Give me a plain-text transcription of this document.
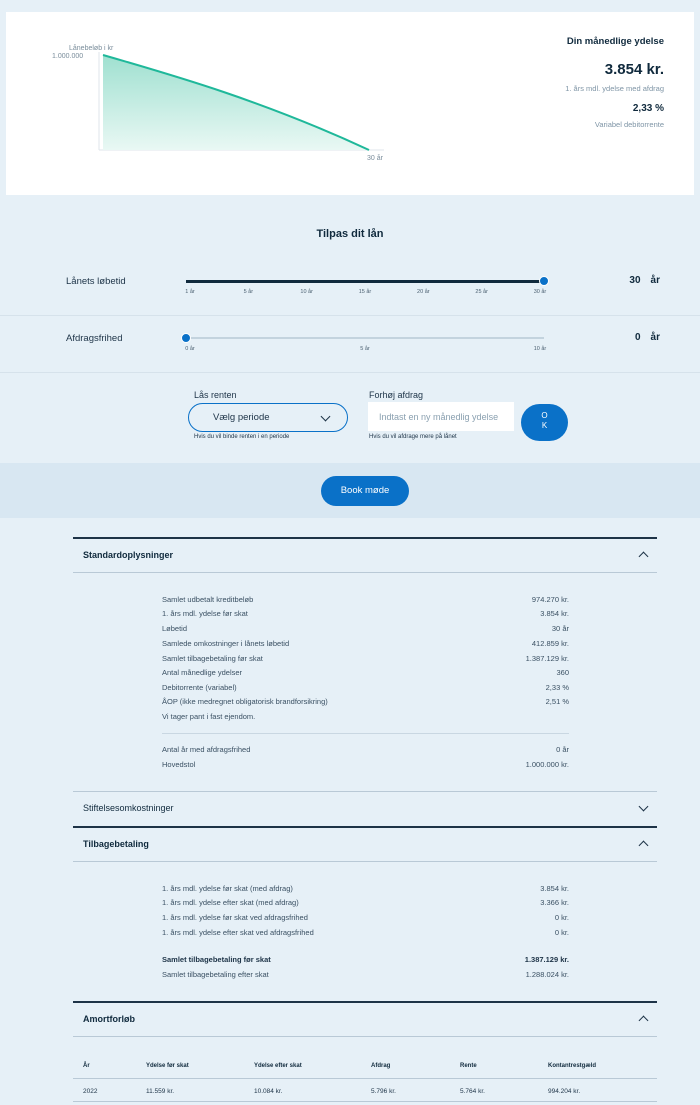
Lånebeløb i kr
1.000.000
30 år
Din månedlige ydelse
3.854 kr.
1. års mdl. ydelse med afdrag
2,33 %
Variabel debitorrente
Tilpas dit lån
Lånets løbetid
1 år	5 år	10 år	15 år	20 år	25 år	30 år
30 år
Afdragsfrihed
0 år	5 år	10 år
0 år
Lås renten
Vælg periode
Hvis du vil binde renten i en periode
Forhøj afdrag
Indtast en ny månedlig ydelse
Hvis du vil afdrage mere på lånet
O
K
Book møde
Standardoplysninger
Samlet udbetalt kreditbeløb	974.270 kr.
1. års mdl. ydelse før skat	3.854 kr.
Løbetid	30 år
Samlede omkostninger i lånets løbetid	412.859 kr.
Samlet tilbagebetaling før skat	1.387.129 kr.
Antal månedlige ydelser	360
Debitorrente (variabel)	2,33 %
ÅOP (ikke medregnet obligatorisk brandforsikring)	2,51 %
Vi tager pant i fast ejendom.
Antal år med afdragsfrihed	0 år
Hovedstol	1.000.000 kr.
Stiftelsesomkostninger
Tilbagebetaling
1. års mdl. ydelse før skat (med afdrag)	3.854 kr.
1. års mdl. ydelse efter skat (med afdrag)	3.366 kr.
1. års mdl. ydelse før skat ved afdragsfrihed	0 kr.
1. års mdl. ydelse efter skat ved afdragsfrihed	0 kr.
Samlet tilbagebetaling før skat	1.387.129 kr.
Samlet tilbagebetaling efter skat	1.288.024 kr.
Amortforløb
År	Ydelse før skat	Ydelse efter skat	Afdrag	Rente	Kontantrestgæld
2022	11.559 kr.	10.084 kr.	5.796 kr.	5.764 kr.	994.204 kr.
